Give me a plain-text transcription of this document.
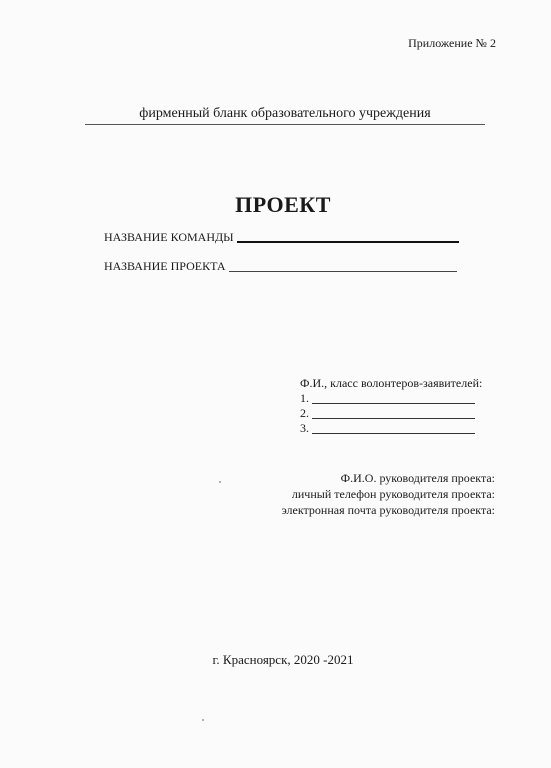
Приложение № 2
фирменный бланк образовательного учреждения
ПРОЕКТ
НАЗВАНИЕ КОМАНДЫ
НАЗВАНИЕ ПРОЕКТА
Ф.И., класс волонтеров-заявителей:
1.
2.
3.
Ф.И.О. руководителя проекта:
личный телефон руководителя проекта:
электронная почта руководителя проекта:
г. Красноярск, 2020 -2021
